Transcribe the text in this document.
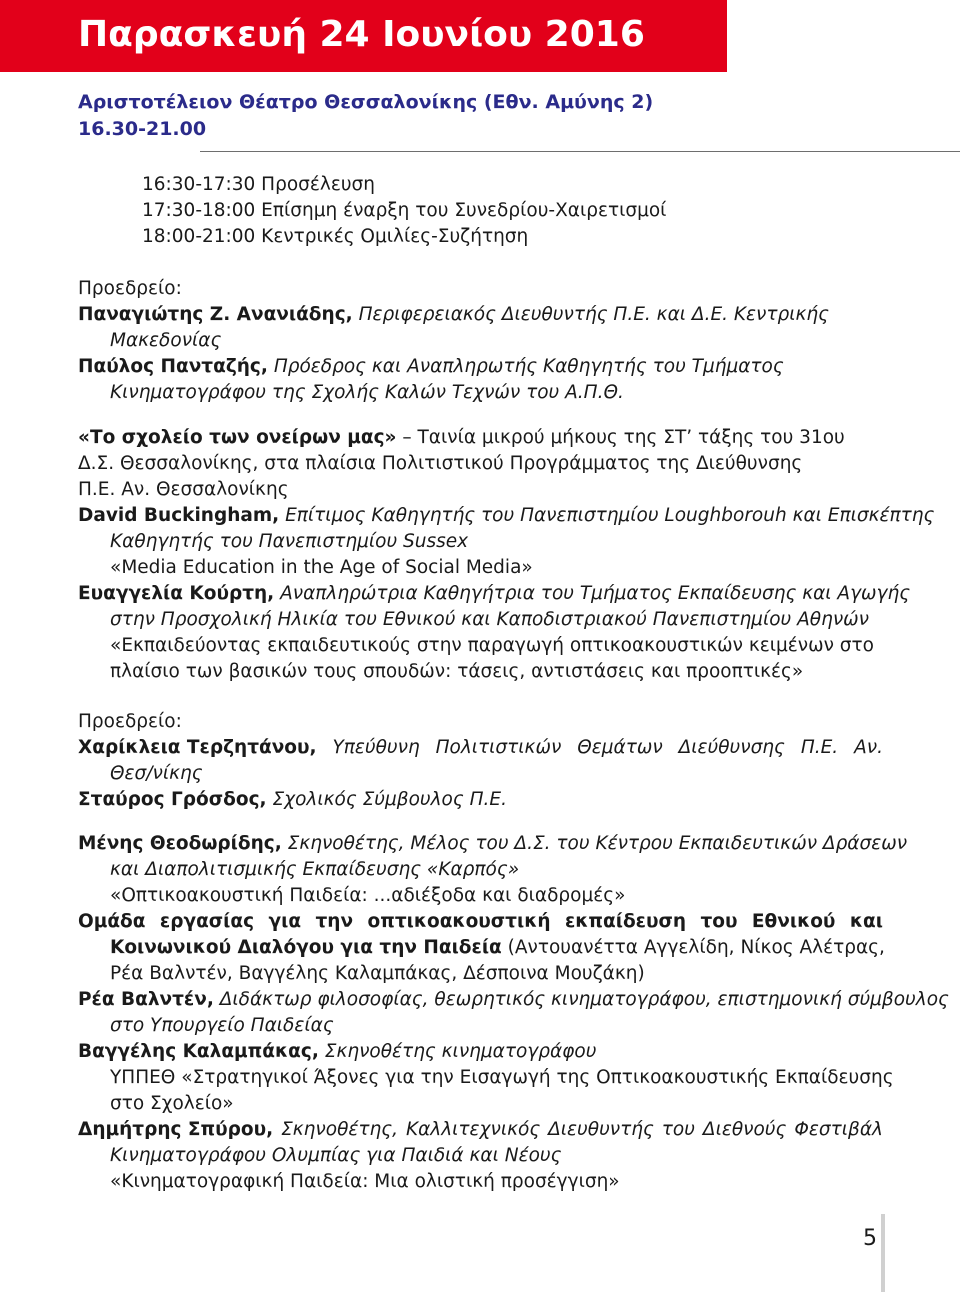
Παρασκευή 24 Ιουνίου 2016

Αριστοτέλειον Θέατρο Θεσσαλονίκης (Εθν. Αμύνης 2)

16.30-21.00

16:30-17:30 Προσέλευση

17:30-18:00 Επίσημη έναρξη του Συνεδρίου-Χαιρετισμοί

18:00-21:00 Κεντρικές Ομιλίες-Συζήτηση

Προεδρείο:

Παναγιώτης Ζ. Ανανιάδης, Περιφερειακός Διευθυντής Π.Ε. και Δ.Ε. Κεντρικής

Μακεδονίας

Παύλος Πανταζής, Πρόεδρος και Αναπληρωτής Καθηγητής του Τμήματος

Κινηματογράφου της Σχολής Καλών Τεχνών του Α.Π.Θ.

«Το σχολείο των ονείρων μας» – Ταινία μικρού μήκους της ΣΤ’ τάξης του 31ου

Δ.Σ. Θεσσαλονίκης, στα πλαίσια Πολιτιστικού Προγράμματος της Διεύθυνσης

Π.Ε. Αν. Θεσσαλονίκης

David Buckingham, Επίτιμος Καθηγητής του Πανεπιστημίου Loughborouh και Επισκέπτης

Καθηγητής του Πανεπιστημίου Sussex

«Media Education in the Age of Social Media»

Ευαγγελία Κούρτη, Αναπληρώτρια Καθηγήτρια του Τμήματος Εκπαίδευσης και Αγωγής

στην Προσχολική Ηλικία του Εθνικού και Καποδιστριακού Πανεπιστημίου Αθηνών

«Εκπαιδεύοντας εκπαιδευτικούς στην παραγωγή οπτικοακουστικών κειμένων στο

πλαίσιο των βασικών τους σπουδών: τάσεις, αντιστάσεις και προοπτικές»

Προεδρείο:

Χαρίκλεια Τερζητάνου, Υπεύθυνη Πολιτιστικών Θεμάτων Διεύθυνσης Π.Ε. Αν.

Θεσ/νίκης

Σταύρος Γρόσδος, Σχολικός Σύμβουλος Π.Ε.

Μένης Θεοδωρίδης, Σκηνοθέτης, Μέλος του Δ.Σ. του Κέντρου Εκπαιδευτικών Δράσεων

και Διαπολιτισμικής Εκπαίδευσης «Καρπός»

«Οπτικοακουστική Παιδεία: ...αδιέξοδα και διαδρομές»

Ομάδα εργασίας για την οπτικοακουστική εκπαίδευση του Εθνικού και

Κοινωνικού Διαλόγου για την Παιδεία (Αντουανέττα Αγγελίδη, Νίκος Αλέτρας,

Ρέα Βαλντέν, Βαγγέλης Καλαμπάκας, Δέσποινα Μουζάκη)

Ρέα Βαλντέν, Διδάκτωρ φιλοσοφίας, θεωρητικός κινηματογράφου, επιστημονική σύμβουλος

στο Υπουργείο Παιδείας

Βαγγέλης Καλαμπάκας, Σκηνοθέτης κινηματογράφου

ΥΠΠΕΘ «Στρατηγικοί Άξονες για την Εισαγωγή της Οπτικοακουστικής Εκπαίδευσης

στο Σχολείο»

Δημήτρης Σπύρου, Σκηνοθέτης, Καλλιτεχνικός Διευθυντής του Διεθνούς Φεστιβάλ

Κινηματογράφου Ολυμπίας για Παιδιά και Νέους

«Κινηματογραφική Παιδεία: Μια ολιστική προσέγγιση»

5
